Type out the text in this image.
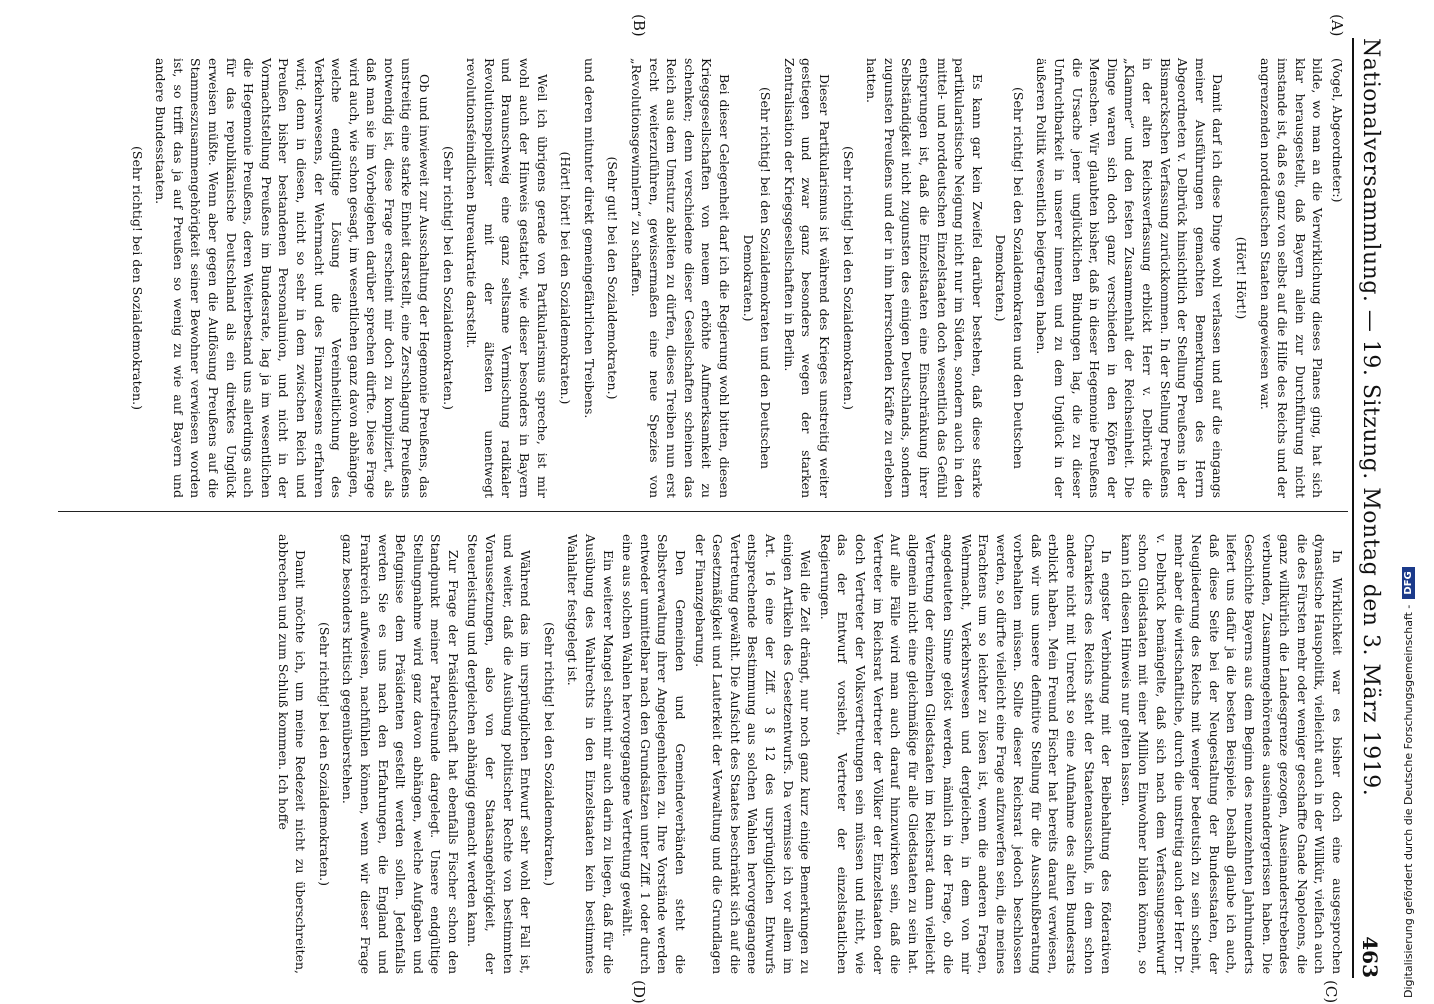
Nationalversammlung. — 19. Sitzung. Montag den 3. März 1919.
463
(A)
(B)
(C)
(D)

(Vogel, Abgeordneter:)

bilde, wo man an die Verwirklichung dieses Planes ging, hat sich klar herausgestellt, daß Bayern allein zur Durchführung nicht imstande ist, daß es ganz von selbst auf die Hilfe des Reichs und der angrenzenden norddeutschen Staaten angewiesen war.

(Hört! Hört!)

Damit darf ich diese Dinge wohl verlassen und auf die eingangs meiner Ausführungen gemachten Bemerkungen des Herrn Abgeordneten v. Delbrück hinsichtlich der Stellung Preußens in der Bismarckschen Verfassung zurückkommen. In der Stellung Preußens in der alten Reichsverfassung erblickt Herr v. Delbrück die „Klammer“ und den festen Zusammenhalt der Reichseinheit. Die Dinge waren sich doch ganz verschieden in den Köpfen der Menschen. Wir glaubten bisher, daß in dieser Hegemonie Preußens die Ursache jener unglücklichen Bindungen lag, die zu dieser Unfruchtbarkeit in unserer inneren und zu dem Unglück in der äußeren Politik wesentlich beigetragen haben.

(Sehr richtig! bei den Sozialdemokraten und den Deutschen Demokraten.)

Es kann gar kein Zweifel darüber bestehen, daß diese starke partikularistische Neigung nicht nur im Süden, sondern auch in den mittel- und norddeutschen Einzelstaaten doch wesentlich das Gefühl entsprungen ist, daß die Einzelstaaten eine Einschränkung ihrer Selbständigkeit nicht zugunsten des einigen Deutschlands, sondern zugunsten Preußens und der in ihm herrschenden Kräfte zu erleben hatten.

(Sehr richtig! bei den Sozialdemokraten.)

Dieser Partikularismus ist während des Krieges unstreitig weiter gestiegen und zwar ganz besonders wegen der starken Zentralisation der Kriegsgesellschaften in Berlin.

(Sehr richtig! bei den Sozialdemokraten und den Deutschen Demokraten.)

Bei dieser Gelegenheit darf ich die Regierung wohl bitten, diesen Kriegsgesellschaften von neuem erhöhte Aufmerksamkeit zu schenken; denn verschiedene dieser Gesellschaften scheinen das Reich aus dem Umsturz ableiten zu dürfen, dieses Treiben nun erst recht weiterzuführen, gewissermaßen eine neue Spezies von „Revolutionsgewinnlern“ zu schaffen.

(Sehr gut! bei den Sozialdemokraten.)

und deren mitunter direkt gemeingefährlichen Treibens.

(Hört! hört! bei den Sozialdemokraten.)

Weil ich übrigens gerade von Partikularismus spreche, ist mir wohl auch der Hinweis gestattet, wie dieser besonders in Bayern und Braunschweig eine ganz seltsame Vermischung radikaler Revolutionspolitiker mit der ältesten unentwegt revolutionsfeindlichen Bureaukratie darstellt.

(Sehr richtig! bei den Sozialdemokraten.)

Ob und inwieweit zur Ausschaltung der Hegemonie Preußens, das unstreitig eine starke Einheit darstellt, eine Zerschlagung Preußens notwendig ist, diese Frage erscheint mir doch zu kompliziert, als daß man sie im Vorbeigehen darüber sprechen dürfte. Diese Frage wird auch, wie schon gesagt, im wesentlichen ganz davon abhängen, welche endgültige Lösung die Vereinheitlichung des Verkehrswesens, der Wehrmacht und des Finanzwesens erfahren wird; denn in diesen, nicht so sehr in dem zwischen Reich und Preußen bisher bestandenen Personalunion, und nicht in der Vormachtstellung Preußens im Bundesrate, lag ja im wesentlichen die Hegemonie Preußens, deren Weiterbestand uns allerdings auch für das republikanische Deutschland als ein direktes Unglück erweisen müßte. Wenn aber gegen die Auflösung Preußens auf die Stammeszusammengehörigkeit seiner Bewohner verwiesen worden ist, so trifft das ja auf Preußen so wenig zu wie auf Bayern und andere Bundesstaaten.

(Sehr richtig! bei den Sozialdemokraten.)

In Wirklichkeit war es bisher doch eine ausgesprochen dynastische Hauspolitik, vielleicht auch in der Willkür, vielfach auch die des Fürsten mehr oder weniger geschaffte Gnade Napoleons, die ganz willkürlich die Landesgrenze gezogen, Auseinanderstrebendes verbunden, Zusammengehörendes auseinandergerissen haben. Die Geschichte Bayerns aus dem Beginn des neunzehnten Jahrhunderts liefert uns dafür ja die besten Beispiele. Deshalb glaube ich auch, daß diese Seite bei der Neugestaltung der Bundesstaaten, der Neugliederung des Reichs mit weniger bedeutsich zu sein scheint, mehr aber die wirtschaftliche, durch die unstreitig auch der Herr Dr. v. Delbrück bemängelte, daß sich nach dem Verfassungsentwurf schon Gliedstaaten mit einer Million Einwohner bilden können, so kann ich diesen Hinweis nur gelten lassen.

In engster Verbindung mit der Beibehaltung des föderativen Charakters des Reichs steht der Staatenausschuß, in dem schon andere nicht mit Unrecht so eine Aufnahme des alten Bundesrats erblickt haben. Mein Freund Fischer hat bereits darauf verwiesen, daß wir uns unsere definitive Stellung für die Ausschußberatung vorbehalten müssen. Sollte dieser Reichsrat jedoch beschlossen werden, so dürfte vielleicht eine Frage aufzuwerfen sein, die meines Erachtens um so leichter zu lösen ist, wenn die anderen Fragen, Wehrmacht, Verkehrswesen und dergleichen, in dem von mir angedeuteten Sinne gelöst werden, nämlich in der Frage, ob die Vertretung der einzelnen Gliedstaaten im Reichsrat dann vielleicht allgemein nicht eine gleichmäßige für alle Gliedstaaten zu sein hat. Auf alle Fälle wird man auch darauf hinzuwirken sein, daß die Vertreter im Reichsrat Vertreter der Völker der Einzelstaaten oder doch Vertreter der Volksvertretungen sein müssen und nicht, wie das der Entwurf vorsieht, Vertreter der einzelstaatlichen Regierungen.

Weil die Zeit drängt, nur noch ganz kurz einige Bemerkungen zu einigen Artikeln des Gesetzentwurfs. Da vermisse ich vor allem im Art. 16 eine der Ziff. 3 § 12 des ursprünglichen Entwurfs entsprechende Bestimmung aus solchen Wahlen hervorgegangene Vertretung gewählt. Die Aufsicht des Staates beschränkt sich auf die Gesetzmäßigkeit und Lauterkeit der Verwaltung und die Grundlagen der Finanzgebarung.

Den Gemeinden und Gemeindeverbänden steht die Selbstverwaltung ihrer Angelegenheiten zu. Ihre Vorstände werden entweder unmittelbar nach den Grundsätzen unter Ziff. 1 oder durch eine aus solchen Wahlen hervorgegangene Vertretung gewählt.

Ein weiterer Mangel scheint mir auch darin zu liegen, daß für die Ausübung des Wahlrechts in den Einzelstaaten kein bestimmtes Wahlalter festgelegt ist.

(Sehr richtig! bei den Sozialdemokraten.)

Während das im ursprünglichen Entwurf sehr wohl der Fall ist, und weiter, daß die Ausübung politischer Rechte von bestimmten Voraussetzungen, also von der Staatsangehörigkeit, der Steuerleistung und dergleichen abhängig gemacht werden kann.

Zur Frage der Präsidentschaft hat ebenfalls Fischer schon den Standpunkt meiner Parteifreunde dargelegt. Unsere endgültige Stellungnahme wird ganz davon abhängen, welche Aufgaben und Befugnisse dem Präsidenten gestellt werden sollen. Jedenfalls werden Sie es uns nach den Erfahrungen, die England und Frankreich aufweisen, nachfühlen können, wenn wir dieser Frage ganz besonders kritisch gegenüberstehen.

(Sehr richtig! bei den Sozialdemokraten.)

Damit möchte ich, um meine Redezeit nicht zu überschreiten, abbrechen und zum Schluß kommen. Ich hoffe	Digitalisierung gefördert durch die Deutsche Forschungsgemeinschaft -
DFG
